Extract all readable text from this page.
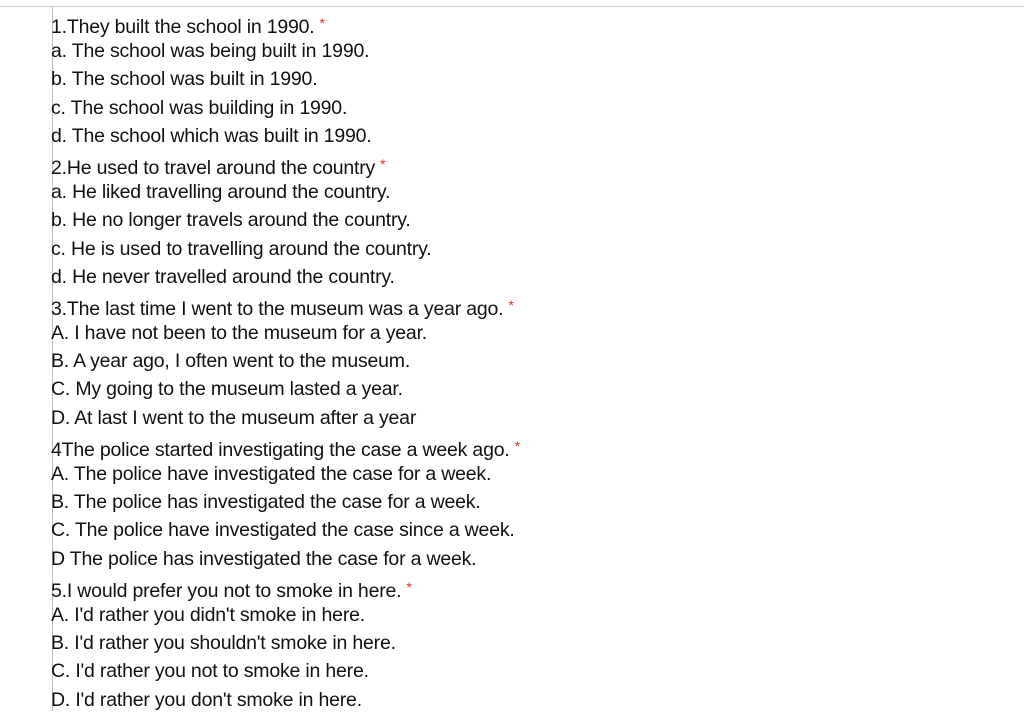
1.They built the school in 1990. *
a. The school was being built in 1990.
b. The school was built in 1990.
c. The school was building in 1990.
d. The school which was built in 1990.
2.He used to travel around the country *
a. He liked travelling around the country.
b. He no longer travels around the country.
c. He is used to travelling around the country.
d. He never travelled around the country.
3.The last time I went to the museum was a year ago. *
A. I have not been to the museum for a year.
B. A year ago, I often went to the museum.
C. My going to the museum lasted a year.
D. At last I went to the museum after a year
4The police started investigating the case a week ago. *
A. The police have investigated the case for a week.
B. The police has investigated the case for a week.
C. The police have investigated the case since a week.
D The police has investigated the case for a week.
5.I would prefer you not to smoke in here. *
A. I'd rather you didn't smoke in here.
B. I'd rather you shouldn't smoke in here.
C. I'd rather you not to smoke in here.
D. I'd rather you don't smoke in here.
